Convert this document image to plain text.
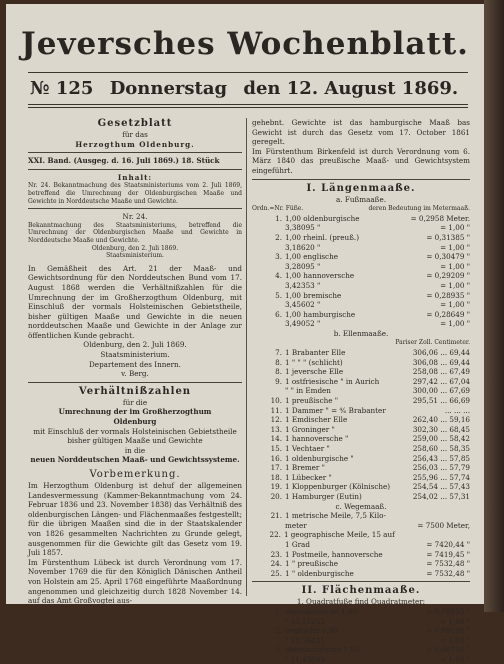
Jeversches Wochenblatt.
№ 125 Donnerstag den 12. August 1869.
Gesetzblatt
für das
Herzogthum Oldenburg.
XXI. Band. (Ausgeg. d. 16. Juli 1869.) 18. Stück
Inhalt:
Nr. 24. Bekanntmachung des Staatsministeriums vom 2. Juli 1869, betreffend die Umrechnung der Oldenburgischen Maaße und Gewichte in Norddeutsche Maaße und Gewichte.
Nr. 24.
Bekanntmachung des Staatsministeriums, betreffend die Umrechnung der Oldenburgischen Maaße und Gewichte in Norddeutsche Maaße und Gewichte.
Oldenburg, den 2. Juli 1869.
Staatsministerium.

In Gemäßheit des Art. 21 der Maaß- und Gewichtsordnung für den Norddeutschen Bund vom 17. August 1868 werden die Verhältnißzahlen für die Umrechnung der im Großherzogthum Oldenburg, mit Einschluß der vormals Holsteinischen Gebietstheile, bisher gültigen Maaße und Gewichte in die neuen norddeutschen Maaße und Gewichte in der Anlage zur öffentlichen Kunde gebracht.

Oldenburg, den 2. Juli 1869.
Staatsministerium.
Departement des Innern.
v. Berg.
Verhältnißzahlen
für die
Umrechnung der im Großherzogthum
Oldenburg
mit Einschluß der vormals Holsteinischen Gebietstheile
bisher gültigen Maaße und Gewichte
in die
neuen Norddeutschen Maaß- und Gewichtssysteme.
Vorbemerkung.

Im Herzogthum Oldenburg ist dehuf der allgemeinen Landesvermessung (Kammer-Bekanntmachung vom 24. Februar 1836 und 23. November 1838) das Verhältniß des oldenburgischen Längen- und Flächenmaaßes festgestellt; für die übrigen Maaßen sind die in der Staatskalender von 1826 gesammelten Nachrichten zu Grunde gelegt, ausgenommen für die Gewichte gilt das Gesetz vom 19. Juli 1857.

Im Fürstenthum Lübeck ist durch Verordnung vom 17. November 1769 die für den Königlich Dänischen Antheil von Holstein am 25. April 1768 eingeführte Maaßordnung angenommen und gleichzeitig durch 1828 November 14. auf das Amt Großvogtei aus-

gehebnt. Gewichte ist das hamburgische Maaß bas Gewicht ist durch das Gesetz vom 17. October 1861 geregelt.

Im Fürstenthum Birkenfeld ist durch Verordnung vom 6. März 1840 das preußische Maaß- und Gewichtsystem eingeführt.

I. Längenmaaße.
a. Fußmaaße.
Ordn.=Nr. Füße.	deren Bedeutung im Metermaaß.
1. 1,00 oldenburgische	= 0,2958 Meter.
3,38095 "	= 1,00 "
2. 1,00 rheinl. (preuß.)	= 0,31385 "
3,18620 "	= 1,00 "
3. 1,00 englische	= 0,30479 "
3,28095 "	= 1,00 "
4. 1,00 hannoversche	= 0,29209 "
3,42353 "	= 1,00 "
5. 1,00 bremische	= 0,28935 "
3,45602 "	= 1,00 "
6. 1,00 hamburgische	= 0,28649 "
3,49052 "	= 1,00 "
b. Ellenmaaße.
Pariser Zoll. Centimeter.
7. 1 Brabanter Elle	306,06 ... 69,44
8. 1 " " " (schlicht)	306,08 ... 69,44
8. 1 jeversche Elle	258,08 ... 67,49
9. 1 ostfriesische " in Aurich	297,42 ... 67,04
" " in Emden	300,00 ... 67,69
10. 1 preußische "	295,51 ... 66,69
11. 1 Dammer " = ⁴⁄₆ Brabanter	... ... ...
12. 1 Emdischer Elle	262,40 ... 59,16
13. 1 Groninger "	302,30 ... 68,45
14. 1 hannoversche "	259,00 ... 58,42
15. 1 Vechtaer "	258,60 ... 58,35
16. 1 oldenburgische "	256,43 ... 57,85
17. 1 Bremer "	256,03 ... 57,79
18. 1 Lübecker "	255,96 ... 57,74
19. 1 Kloppenburger (Kölnische)	254,54 ... 57,43
20. 1 Hamburger (Eutin)	254,02 ... 57,31
c. Wegemaaß.
21. 1 metrische Meile, 7,5 Kilo-
meter	= 7500 Meter,
22. 1 geographische Meile, 15 auf
1 Grad	= 7420,44 "
23. 1 Postmeile, hannoversche	= 7419,45 "
24. 1 " preußische	= 7532,48 "
25. 1 " oldenburgische	= 7532,48 "
II. Flächenmaaße.
1. Quadratfuße find Quadratmeter:
1. rheinländische 1,00	= 0,09850 "
" 10,15252	= 1,00 "
2. englische 1,00	= 0,09290 "
" 10,76431	= 1,00 "
3. oldenburgische 1,00	= 0,08750 "
" 11,43099	= 1,00 "
